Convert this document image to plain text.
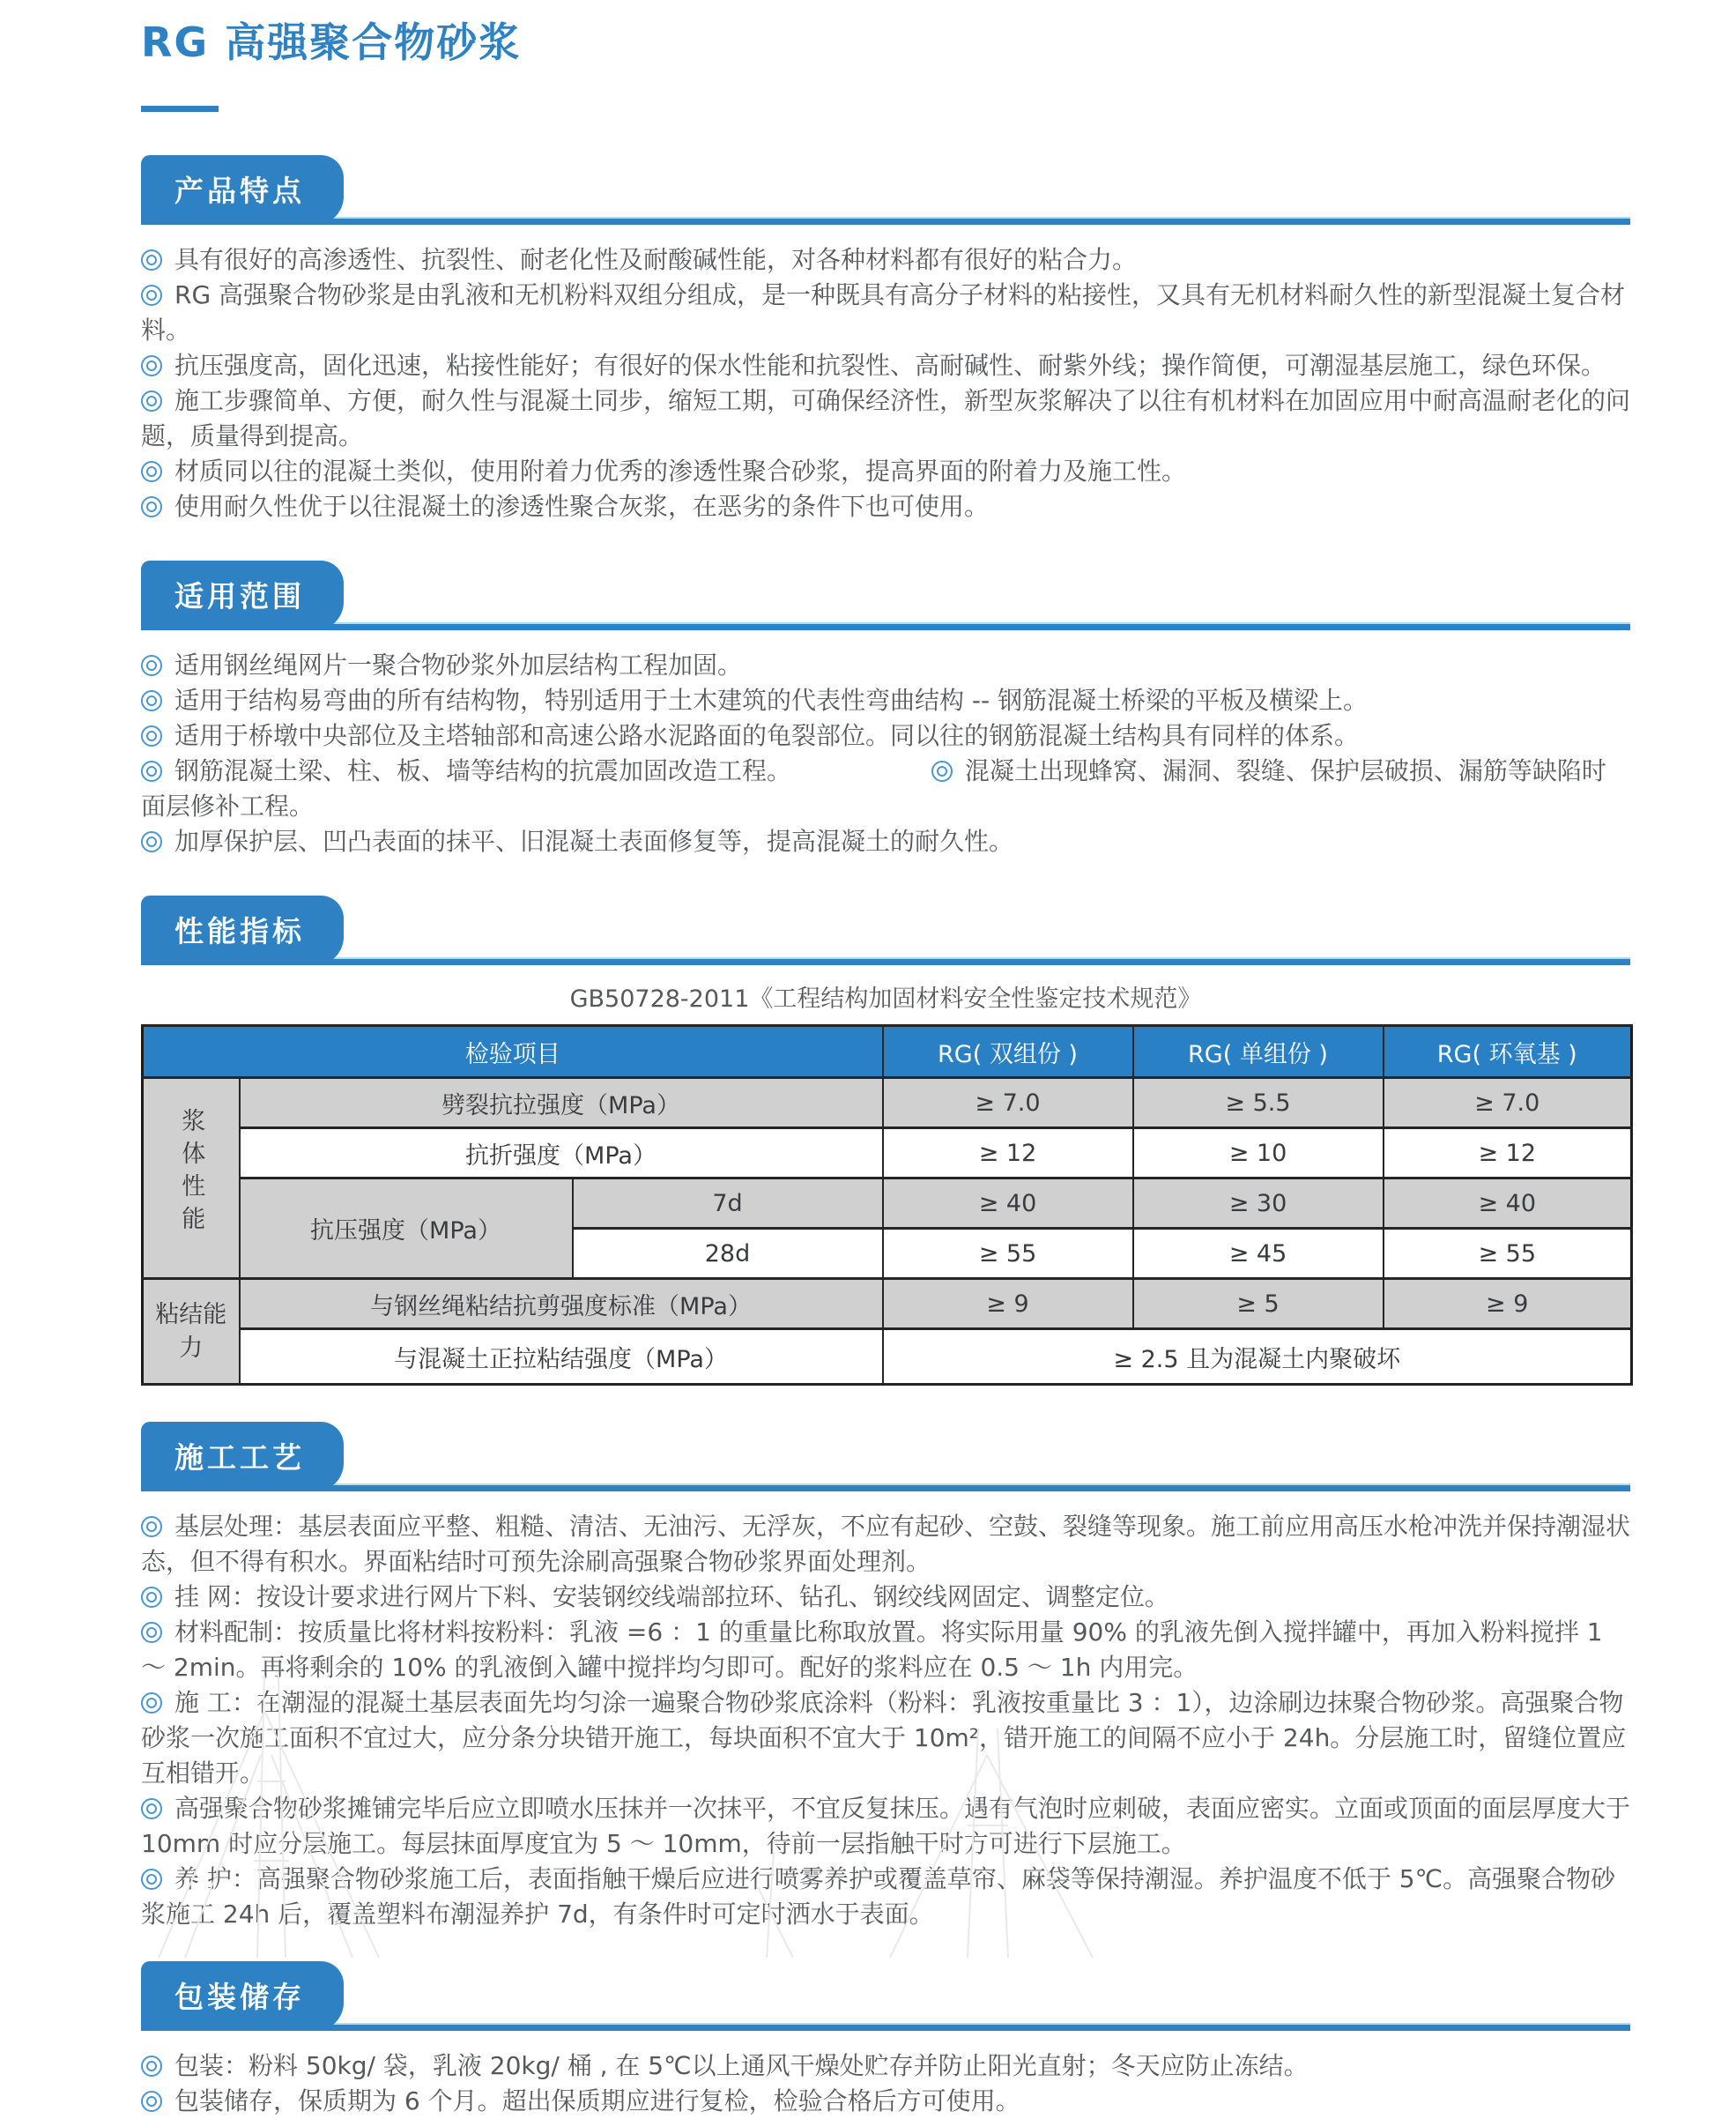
RG 高强聚合物砂浆
产品特点
具有很好的高渗透性、抗裂性、耐老化性及耐酸碱性能，对各种材料都有很好的粘合力。
RG 高强聚合物砂浆是由乳液和无机粉料双组分组成，是一种既具有高分子材料的粘接性，又具有无机材料耐久性的新型混凝土复合材料。
抗压强度高，固化迅速，粘接性能好；有很好的保水性能和抗裂性、高耐碱性、耐紫外线；操作简便，可潮湿基层施工，绿色环保。
施工步骤简单、方便，耐久性与混凝土同步，缩短工期，可确保经济性，新型灰浆解决了以往有机材料在加固应用中耐高温耐老化的问题，质量得到提高。
材质同以往的混凝土类似，使用附着力优秀的渗透性聚合砂浆，提高界面的附着力及施工性。
使用耐久性优于以往混凝土的渗透性聚合灰浆，在恶劣的条件下也可使用。
适用范围
适用钢丝绳网片一聚合物砂浆外加层结构工程加固。
适用于结构易弯曲的所有结构物，特别适用于土木建筑的代表性弯曲结构 -- 钢筋混凝土桥梁的平板及横梁上。
适用于桥墩中央部位及主塔轴部和高速公路水泥路面的龟裂部位。同以往的钢筋混凝土结构具有同样的体系。
钢筋混凝土梁、柱、板、墙等结构的抗震加固改造工程。	混凝土出现蜂窝、漏洞、裂缝、保护层破损、漏筋等缺陷时面层修补工程。
加厚保护层、凹凸表面的抹平、旧混凝土表面修复等，提高混凝土的耐久性。
性能指标
GB50728-2011《工程结构加固材料安全性鉴定技术规范》
检验项目			RG( 双组份 )	RG( 单组份 )	RG( 环氧基 )
浆体性能	劈裂抗拉强度（MPa）		≥ 7.0	≥ 5.5	≥ 7.0
	抗折强度（MPa）		≥ 12	≥ 10	≥ 12
	抗压强度（MPa）	7d	≥ 40	≥ 30	≥ 40
		28d	≥ 55	≥ 45	≥ 55
粘结能力	与钢丝绳粘结抗剪强度标准（MPa）		≥ 9	≥ 5	≥ 9
	与混凝土正拉粘结强度（MPa）		≥ 2.5 且为混凝土内聚破坏		
施工工艺
基层处理：基层表面应平整、粗糙、清洁、无油污、无浮灰，不应有起砂、空鼓、裂缝等现象。施工前应用高压水枪冲洗并保持潮湿状态，但不得有积水。界面粘结时可预先涂刷高强聚合物砂浆界面处理剂。
挂 网：按设计要求进行网片下料、安装钢绞线端部拉环、钻孔、钢绞线网固定、调整定位。
材料配制：按质量比将材料按粉料：乳液 =6 ：1 的重量比称取放置。将实际用量 90% 的乳液先倒入搅拌罐中，再加入粉料搅拌 1 ～ 2min。再将剩余的 10% 的乳液倒入罐中搅拌均匀即可。配好的浆料应在 0.5 ～ 1h 内用完。
施 工：在潮湿的混凝土基层表面先均匀涂一遍聚合物砂浆底涂料（粉料：乳液按重量比 3 ：1），边涂刷边抹聚合物砂浆。高强聚合物砂浆一次施工面积不宜过大，应分条分块错开施工，每块面积不宜大于 10m²，错开施工的间隔不应小于 24h。分层施工时，留缝位置应互相错开。
高强聚合物砂浆摊铺完毕后应立即喷水压抹并一次抹平，不宜反复抹压。遇有气泡时应刺破，表面应密实。立面或顶面的面层厚度大于 10mm 时应分层施工。每层抹面厚度宜为 5 ～ 10mm，待前一层指触干时方可进行下层施工。
养 护：高强聚合物砂浆施工后，表面指触干燥后应进行喷雾养护或覆盖草帘、麻袋等保持潮湿。养护温度不低于 5℃。高强聚合物砂浆施工 24h 后，覆盖塑料布潮湿养护 7d，有条件时可定时洒水于表面。
包装储存
包装：粉料 50kg/ 袋，乳液 20kg/ 桶 , 在 5℃以上通风干燥处贮存并防止阳光直射；冬天应防止冻结。
包装储存，保质期为 6 个月。超出保质期应进行复检，检验合格后方可使用。
